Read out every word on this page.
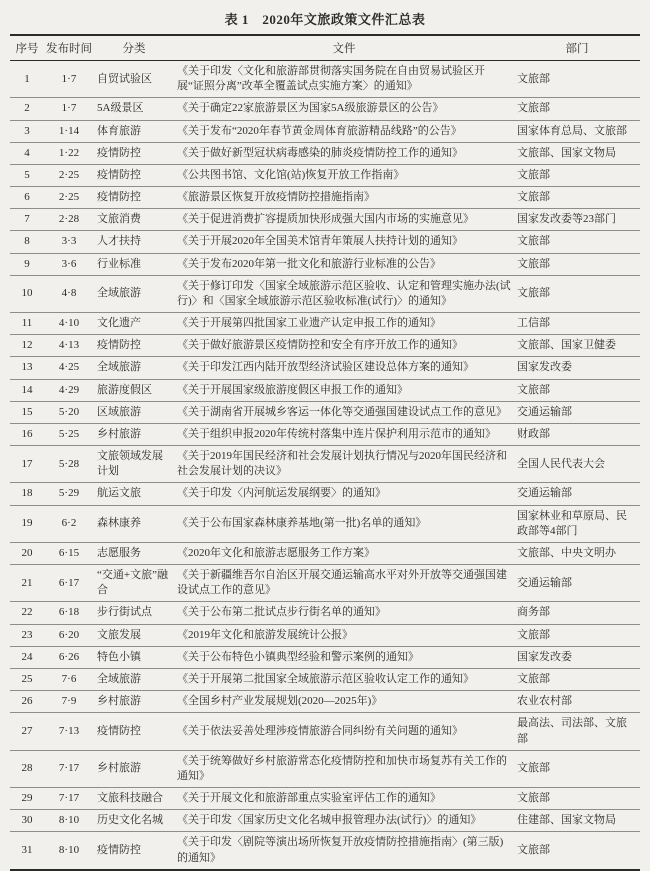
表 1　2020年文旅政策文件汇总表
序号	发布时间	分类	文件	部门
1	1·7	自贸试验区	《关于印发〈文化和旅游部贯彻落实国务院在自由贸易试验区开展“证照分离”改革全覆盖试点实施方案〉的通知》	文旅部
2	1·7	5A级景区	《关于确定22家旅游景区为国家5A级旅游景区的公告》	文旅部
3	1·14	体育旅游	《关于发布“2020年春节黄金周体育旅游精品线路”的公告》	国家体育总局、文旅部
4	1·22	疫情防控	《关于做好新型冠状病毒感染的肺炎疫情防控工作的通知》	文旅部、国家文物局
5	2·25	疫情防控	《公共图书馆、文化馆(站)恢复开放工作指南》	文旅部
6	2·25	疫情防控	《旅游景区恢复开放疫情防控措施指南》	文旅部
7	2·28	文旅消费	《关于促进消费扩容提质加快形成强大国内市场的实施意见》	国家发改委等23部门
8	3·3	人才扶持	《关于开展2020年全国美术馆青年策展人扶持计划的通知》	文旅部
9	3·6	行业标准	《关于发布2020年第一批文化和旅游行业标准的公告》	文旅部
10	4·8	全域旅游	《关于修订印发〈国家全域旅游示范区验收、认定和管理实施办法(试行)〉和〈国家全域旅游示范区验收标准(试行)〉的通知》	文旅部
11	4·10	文化遗产	《关于开展第四批国家工业遗产认定申报工作的通知》	工信部
12	4·13	疫情防控	《关于做好旅游景区疫情防控和安全有序开放工作的通知》	文旅部、国家卫健委
13	4·25	全域旅游	《关于印发江西内陆开放型经济试验区建设总体方案的通知》	国家发改委
14	4·29	旅游度假区	《关于开展国家级旅游度假区申报工作的通知》	文旅部
15	5·20	区域旅游	《关于湖南省开展城乡客运一体化等交通强国建设试点工作的意见》	交通运输部
16	5·25	乡村旅游	《关于组织申报2020年传统村落集中连片保护利用示范市的通知》	财政部
17	5·28	文旅领域发展计划	《关于2019年国民经济和社会发展计划执行情况与2020年国民经济和社会发展计划的决议》	全国人民代表大会
18	5·29	航运文旅	《关于印发〈内河航运发展纲要〉的通知》	交通运输部
19	6·2	森林康养	《关于公布国家森林康养基地(第一批)名单的通知》	国家林业和草原局、民政部等4部门
20	6·15	志愿服务	《2020年文化和旅游志愿服务工作方案》	文旅部、中央文明办
21	6·17	“交通+文旅”融合	《关于新疆维吾尔自治区开展交通运输高水平对外开放等交通强国建设试点工作的意见》	交通运输部
22	6·18	步行街试点	《关于公布第二批试点步行街名单的通知》	商务部
23	6·20	文旅发展	《2019年文化和旅游发展统计公报》	文旅部
24	6·26	特色小镇	《关于公布特色小镇典型经验和警示案例的通知》	国家发改委
25	7·6	全域旅游	《关于开展第二批国家全域旅游示范区验收认定工作的通知》	文旅部
26	7·9	乡村旅游	《全国乡村产业发展规划(2020—2025年)》	农业农村部
27	7·13	疫情防控	《关于依法妥善处理涉疫情旅游合同纠纷有关问题的通知》	最高法、司法部、文旅部
28	7·17	乡村旅游	《关于统筹做好乡村旅游常态化疫情防控和加快市场复苏有关工作的通知》	文旅部
29	7·17	文旅科技融合	《关于开展文化和旅游部重点实验室评估工作的通知》	文旅部
30	8·10	历史文化名城	《关于印发〈国家历史文化名城申报管理办法(试行)〉的通知》	住建部、国家文物局
31	8·10	疫情防控	《关于印发〈剧院等演出场所恢复开放疫情防控措施指南〉(第三版)的通知》	文旅部
